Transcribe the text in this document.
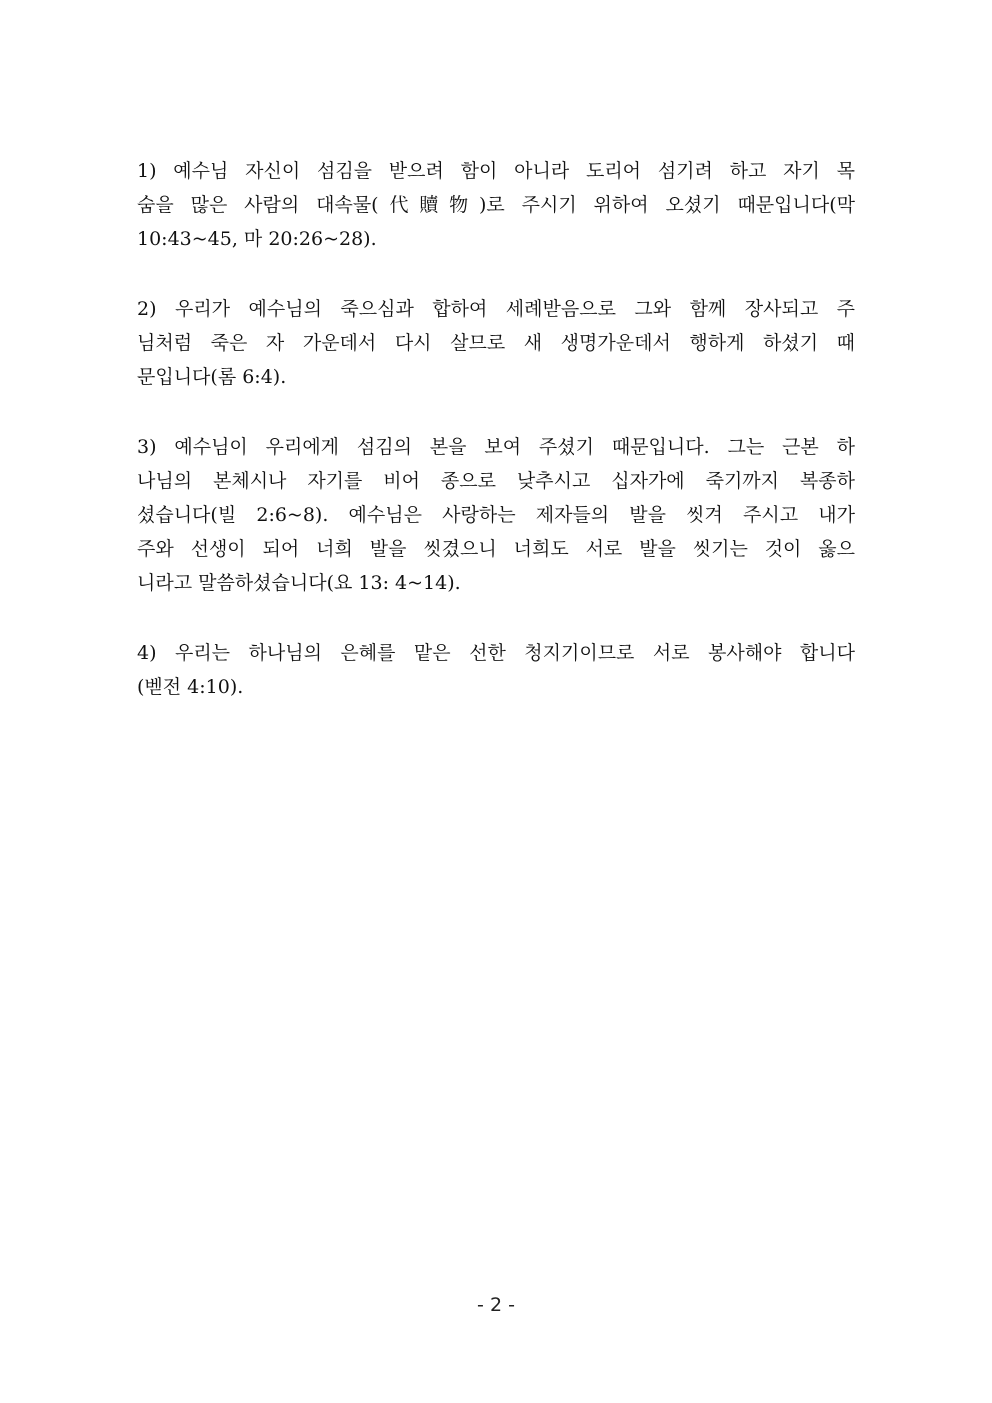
1) 예수님 자신이 섬김을 받으려 함이 아니라 도리어 섬기려 하고 자기 목
숨을 많은 사람의 대속물(代贖物)로 주시기 위하여 오셨기 때문입니다(막
10:43~45, 마 20:26~28).

2) 우리가 예수님의 죽으심과 합하여 세례받음으로 그와 함께 장사되고 주
님처럼 죽은 자 가운데서 다시 살므로 새 생명가운데서 행하게 하셨기 때
문입니다(롬 6:4).

3) 예수님이 우리에게 섬김의 본을 보여 주셨기 때문입니다. 그는 근본 하
나님의 본체시나 자기를 비어 종으로 낮추시고 십자가에 죽기까지 복종하
셨습니다(빌 2:6~8). 예수님은 사랑하는 제자들의 발을 씻겨 주시고 내가
주와 선생이 되어 너희 발을 씻겼으니 너희도 서로 발을 씻기는 것이 옳으
니라고 말씀하셨습니다(요 13: 4~14).

4) 우리는 하나님의 은혜를 맡은 선한 청지기이므로 서로 봉사해야 합니다
(벧전 4:10).

- 2 -
